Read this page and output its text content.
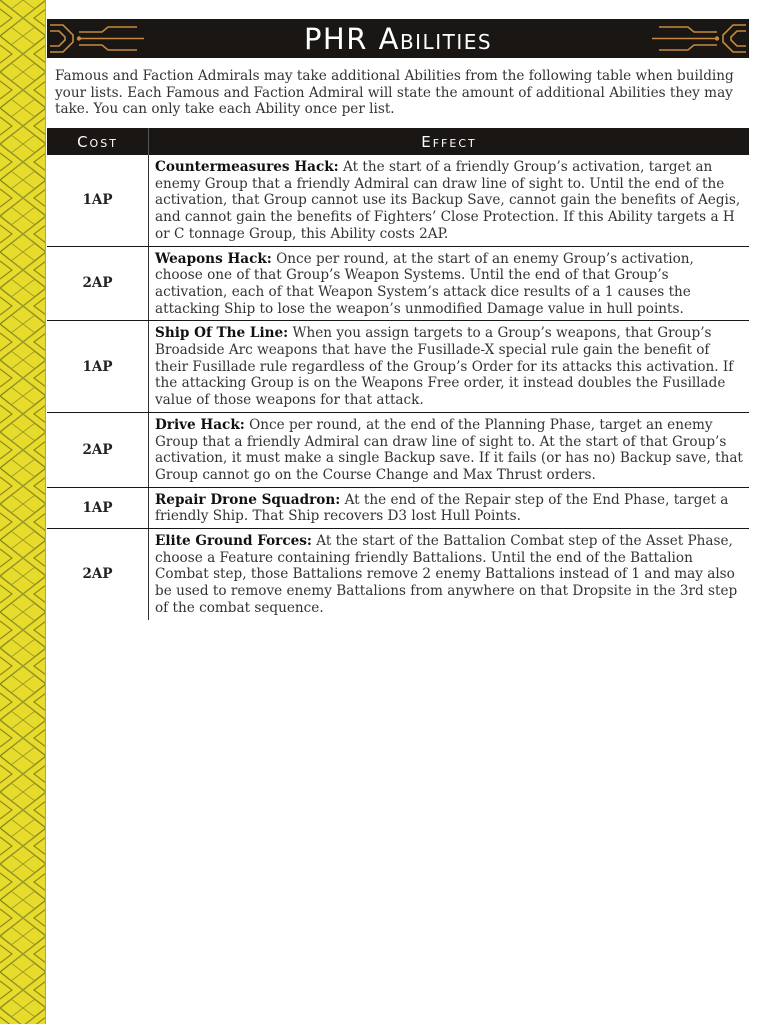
PHR Abilities
Famous and Faction Admirals may take additional Abilities from the following table when building your lists. Each Famous and Faction Admiral will state the amount of additional Abilities they may take. You can only take each Ability once per list.
Cost	Effect
1AP	Countermeasures Hack: At the start of a friendly Group’s activation, target an enemy Group that a friendly Admiral can draw line of sight to. Until the end of the activation, that Group cannot use its Backup Save, cannot gain the benefits of Aegis, and cannot gain the benefits of Fighters’ Close Protection. If this Ability targets a H or C tonnage Group, this Ability costs 2AP.
2AP	Weapons Hack: Once per round, at the start of an enemy Group’s activation, choose one of that Group’s Weapon Systems. Until the end of that Group’s activation, each of that Weapon System’s attack dice results of a 1 causes the attacking Ship to lose the weapon’s unmodified Damage value in hull points.
1AP	Ship Of The Line: When you assign targets to a Group’s weapons, that Group’s Broadside Arc weapons that have the Fusillade-X special rule gain the benefit of their Fusillade rule regardless of the Group’s Order for its attacks this activation. If the attacking Group is on the Weapons Free order, it instead doubles the Fusillade value of those weapons for that attack.
2AP	Drive Hack: Once per round, at the end of the Planning Phase, target an enemy Group that a friendly Admiral can draw line of sight to. At the start of that Group’s activation, it must make a single Backup save. If it fails (or has no) Backup save, that Group cannot go on the Course Change and Max Thrust orders.
1AP	Repair Drone Squadron: At the end of the Repair step of the End Phase, target a friendly Ship. That Ship recovers D3 lost Hull Points.
2AP	Elite Ground Forces: At the start of the Battalion Combat step of the Asset Phase, choose a Feature containing friendly Battalions. Until the end of the Battalion Combat step, those Battalions remove 2 enemy Battalions instead of 1 and may also be used to remove enemy Battalions from anywhere on that Dropsite in the 3rd step of the combat sequence.
